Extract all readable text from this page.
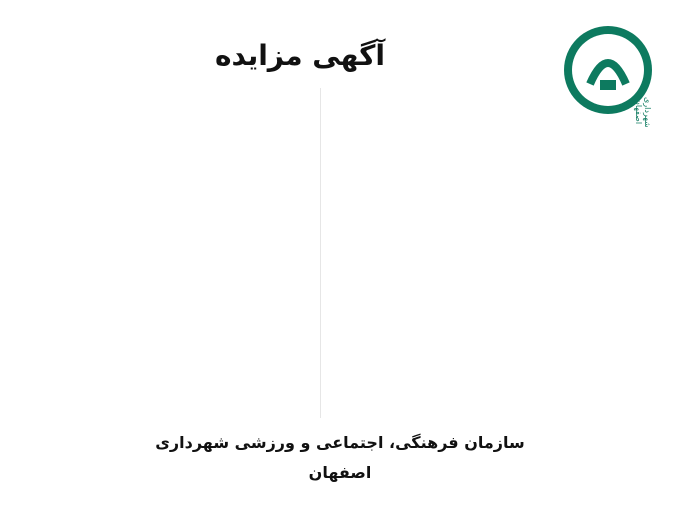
شهرداری اصفهان
آگهی مزایده
سازمان فرهنگی، اجتماعی و ورزشی شهرداری اصفهان
